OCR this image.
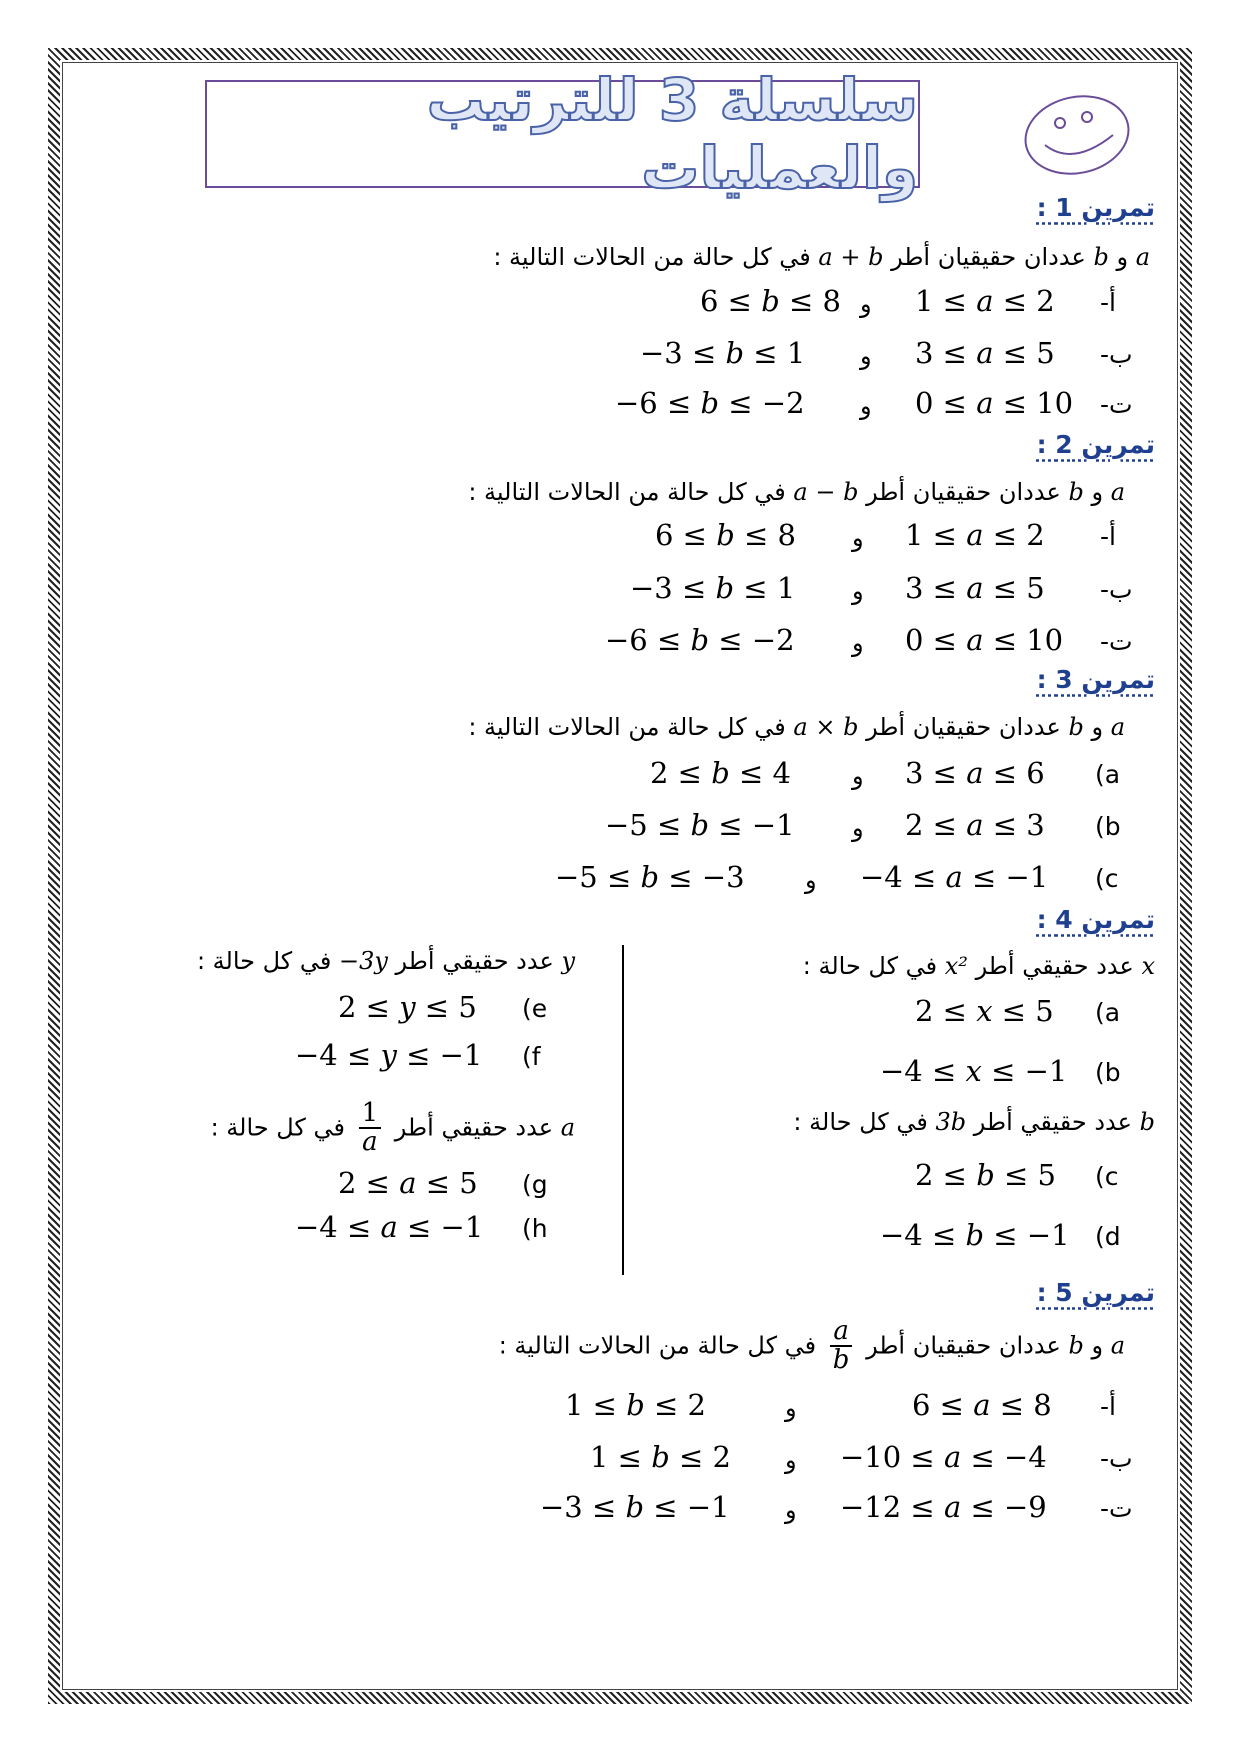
سلسلة 3 للترتيب والعمليات
تمرين 1 :
a و b عددان حقيقيان أطر a + b في كل حالة من الحالات التالية :
أ-
1 ≤ a ≤ 2
و
6 ≤ b ≤ 8
ب-
3 ≤ a ≤ 5
و
−3 ≤ b ≤ 1
ت-
0 ≤ a ≤ 10
و
−6 ≤ b ≤ −2
تمرين 2 :
a و b عددان حقيقيان أطر a − b في كل حالة من الحالات التالية :
أ-
1 ≤ a ≤ 2
و
6 ≤ b ≤ 8
ب-
3 ≤ a ≤ 5
و
−3 ≤ b ≤ 1
ت-
0 ≤ a ≤ 10
و
−6 ≤ b ≤ −2
تمرين 3 :
a و b عددان حقيقيان أطر a × b في كل حالة من الحالات التالية :
(a
3 ≤ a ≤ 6
و
2 ≤ b ≤ 4
(b
2 ≤ a ≤ 3
و
−5 ≤ b ≤ −1
(c
−4 ≤ a ≤ −1
و
−5 ≤ b ≤ −3
تمرين 4 :
x عدد حقيقي أطر x² في كل حالة :
(a
2 ≤ x ≤ 5
(b
−4 ≤ x ≤ −1
b عدد حقيقي أطر 3b في كل حالة :
(c
2 ≤ b ≤ 5
(d
−4 ≤ b ≤ −1
y عدد حقيقي أطر −3y في كل حالة :
(e
2 ≤ y ≤ 5
(f
−4 ≤ y ≤ −1
a عدد حقيقي أطر
$\frac{1}{a}$
في كل حالة :
(g
2 ≤ a ≤ 5
(h
−4 ≤ a ≤ −1
تمرين 5 :
a و b عددان حقيقيان أطر
$\frac{a}{b}$
في كل حالة من الحالات التالية :
أ-
6 ≤ a ≤ 8
و
1 ≤ b ≤ 2
ب-
−10 ≤ a ≤ −4
و
1 ≤ b ≤ 2
ت-
−12 ≤ a ≤ −9
و
−3 ≤ b ≤ −1
